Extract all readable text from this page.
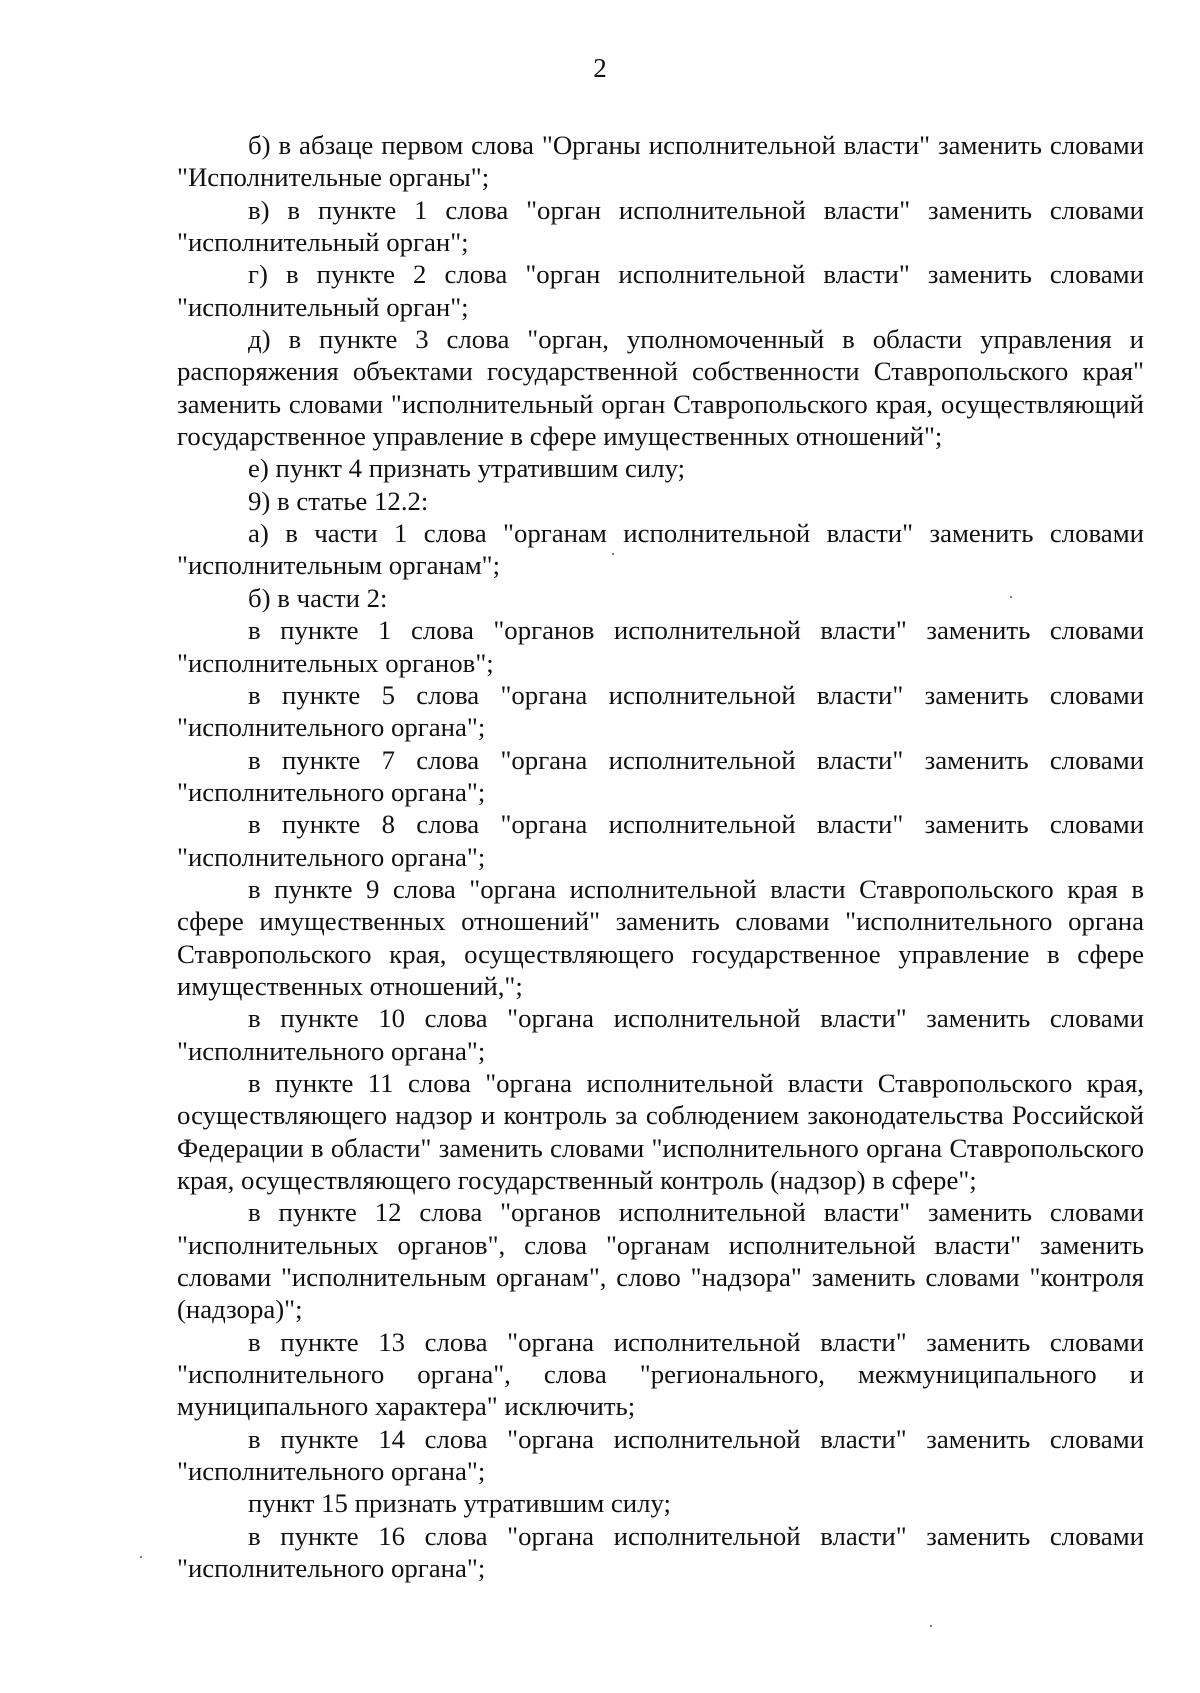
2

б) в абзаце первом слова "Органы исполнительной власти" заменить словами "Исполнительные органы";

в) в пункте 1 слова "орган исполнительной власти" заменить словами "исполнительный орган";

г) в пункте 2 слова "орган исполнительной власти" заменить словами "исполнительный орган";

д) в пункте 3 слова "орган, уполномоченный в области управления и распоряжения объектами государственной собственности Ставропольского края" заменить словами "исполнительный орган Ставропольского края, осуществляющий государственное управление в сфере имущественных отношений";

е) пункт 4 признать утратившим силу;

9) в статье 12.2:

а) в части 1 слова "органам исполнительной власти" заменить словами "исполнительным органам";

б) в части 2:

в пункте 1 слова "органов исполнительной власти" заменить словами "исполнительных органов";

в пункте 5 слова "органа исполнительной власти" заменить словами "исполнительного органа";

в пункте 7 слова "органа исполнительной власти" заменить словами "исполнительного органа";

в пункте 8 слова "органа исполнительной власти" заменить словами "исполнительного органа";

в пункте 9 слова "органа исполнительной власти Ставропольского края в сфере имущественных отношений" заменить словами "исполнительного органа Ставропольского края, осуществляющего государственное управление в сфере имущественных отношений,";

в пункте 10 слова "органа исполнительной власти" заменить словами "исполнительного органа";

в пункте 11 слова "органа исполнительной власти Ставропольского края, осуществляющего надзор и контроль за соблюдением законодательства Российской Федерации в области" заменить словами "исполнительного органа Ставропольского края, осуществляющего государственный контроль (надзор) в сфере";

в пункте 12 слова "органов исполнительной власти" заменить словами "исполнительных органов", слова "органам исполнительной власти" заменить словами "исполнительным органам", слово "надзора" заменить словами "контроля (надзора)";

в пункте 13 слова "органа исполнительной власти" заменить словами "исполнительного органа", слова "регионального, межмуниципального и муниципального характера" исключить;

в пункте 14 слова "органа исполнительной власти" заменить словами "исполнительного органа";

пункт 15 признать утратившим силу;

в пункте 16 слова "органа исполнительной власти" заменить словами "исполнительного органа";
